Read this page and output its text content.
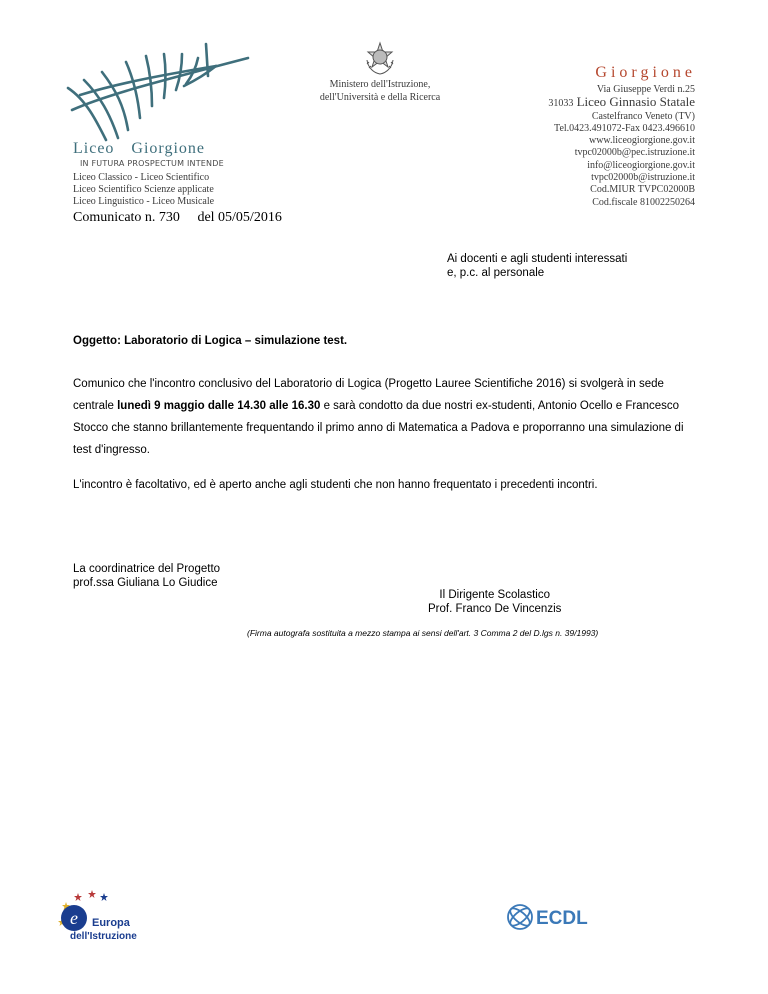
Liceo Giorgione
IN FUTURA PROSPECTUM INTENDE
Liceo Classico - Liceo Scientifico
Liceo Scientifico Scienze applicate
Liceo Linguistico - Liceo Musicale
Ministero dell'Istruzione,
dell'Università e della Ricerca
Giorgione
Via Giuseppe Verdi n.25
31033 Liceo Ginnasio Statale
Castelfranco Veneto (TV)
Tel.0423.491072-Fax 0423.496610
www.liceogiorgione.gov.it
tvpc02000b@pec.istruzione.it
info@liceogiorgione.gov.it
tvpc02000b@istruzione.it
Cod.MIUR TVPC02000B
Cod.fiscale 81002250264
Comunicato n. 730 del 05/05/2016
Ai docenti e agli studenti interessati
e, p.c. al personale
Oggetto: Laboratorio di Logica – simulazione test.
Comunico che l'incontro conclusivo del Laboratorio di Logica (Progetto Lauree Scientifiche 2016) si svolgerà in sede centrale lunedì 9 maggio dalle 14.30 alle 16.30 e sarà condotto da due nostri ex-studenti, Antonio Ocello e Francesco Stocco che stanno brillantemente frequentando il primo anno di Matematica a Padova e proporranno una simulazione di test d'ingresso.
L'incontro è facoltativo, ed è aperto anche agli studenti che non hanno frequentato i precedenti incontri.
La coordinatrice del Progetto
prof.ssa Giuliana Lo Giudice
Il Dirigente Scolastico
Prof. Franco De Vincenzis
(Firma autografa sostituita a mezzo stampa ai sensi dell'art. 3 Comma 2 del D.lgs n. 39/1993)
e Europa
dell'Istruzione
ECDL
